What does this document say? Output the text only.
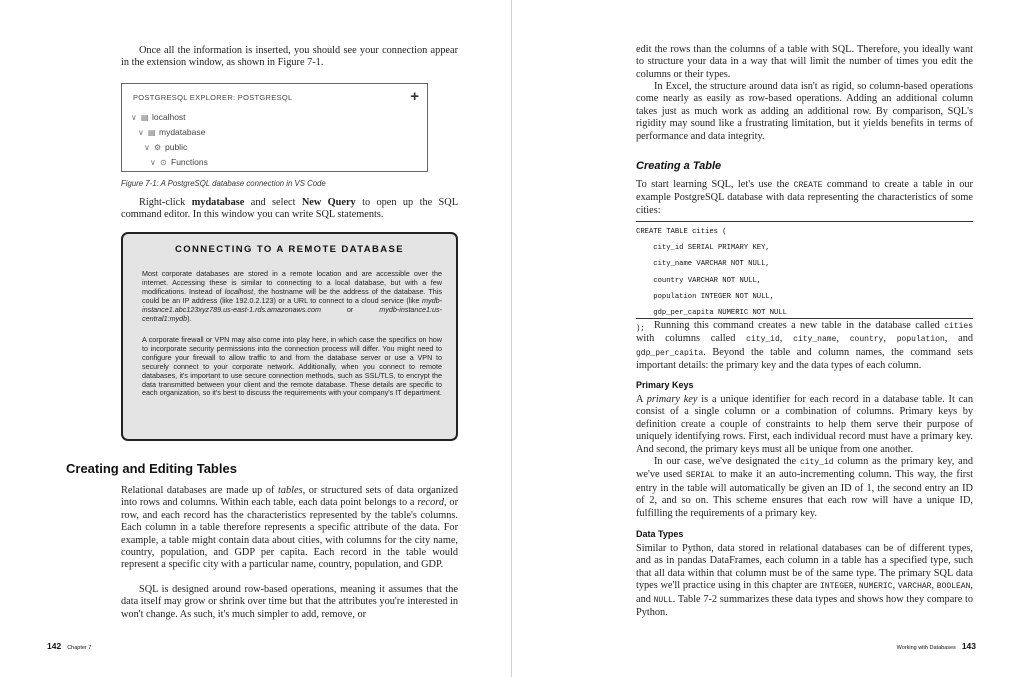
Once all the information is inserted, you should see your connection appear in the extension window, as shown in Figure 7-1.

POSTGRESQL EXPLORER: POSTGRESQL	+
∨ ▤ localhost
∨ ▤ mydatabase
∨ ⚙ public
∨ ⊙ Functions
Figure 7-1: A PostgreSQL database connection in VS Code

Right-click mydatabase and select New Query to open up the SQL command editor. In this window you can write SQL statements.

CONNECTING TO A REMOTE DATABASE

Most corporate databases are stored in a remote location and are accessible over the internet. Accessing these is similar to connecting to a local database, but with a few modifications. Instead of localhost, the hostname will be the address of the database. This could be an IP address (like 192.0.2.123) or a URL to connect to a cloud service (like mydb-instance1.abc123xyz789.us-east-1.rds.amazonaws.com or mydb-instance1:us-central1:mydb).

A corporate firewall or VPN may also come into play here, in which case the specifics on how to incorporate security permissions into the connection process will differ. You might need to configure your firewall to allow traffic to and from the database server or use a VPN to securely connect to your corporate network. Additionally, when you connect to remote databases, it's important to use secure connection methods, such as SSL/TLS, to encrypt the data transmitted between your client and the remote database. These details are specific to each organization, so it's best to discuss the requirements with your company's IT department.

Creating and Editing Tables

Relational databases are made up of tables, or structured sets of data organized into rows and columns. Within each table, each data point belongs to a record, or row, and each record has the characteristics represented by the table's columns. Each column in a table therefore represents a specific attribute of the data. For example, a table might contain data about cities, with columns for the city name, country, population, and GDP per capita. Each record in the table would represent a specific city with a particular name, country, population, and GDP.

SQL is designed around row-based operations, meaning it assumes that the data itself may grow or shrink over time but that the attributes you're interested in won't change. As such, it's much simpler to add, remove, or

142 Chapter 7

edit the rows than the columns of a table with SQL. Therefore, you ideally want to structure your data in a way that will limit the number of times you edit the columns or their types.

In Excel, the structure around data isn't as rigid, so column-based operations come nearly as easily as row-based operations. Adding an additional column takes just as much work as adding an additional row. By comparison, SQL's rigidity may sound like a frustrating limitation, but it yields benefits in terms of performance and data integrity.

Creating a Table

To start learning SQL, let's use the CREATE command to create a table in our example PostgreSQL database with data representing the characteristics of some cities:

CREATE TABLE cities (
city_id SERIAL PRIMARY KEY,
city_name VARCHAR NOT NULL,
country VARCHAR NOT NULL,
population INTEGER NOT NULL,
gdp_per_capita NUMERIC NOT NULL
); Running this command creates a new table in the database called cities with columns called city_id, city_name, country, population, and gdp_per_capita. Beyond the table and column names, the command sets important details: the primary key and the data types of each column.

Primary Keys

A primary key is a unique identifier for each record in a database table. It can consist of a single column or a combination of columns. Primary keys by definition create a couple of constraints to help them serve their purpose of uniquely identifying rows. First, each individual record must have a primary key. And second, the primary keys must all be unique from one another.

In our case, we've designated the city_id column as the primary key, and we've used SERIAL to make it an auto-incrementing column. This way, the first entry in the table will automatically be given an ID of 1, the second entry an ID of 2, and so on. This scheme ensures that each row will have a unique ID, fulfilling the requirements of a primary key.

Data Types

Similar to Python, data stored in relational databases can be of different types, and as in pandas DataFrames, each column in a table has a specified type, such that all data within that column must be of the same type. The primary SQL data types we'll practice using in this chapter are INTEGER, NUMERIC, VARCHAR, BOOLEAN, and NULL. Table 7-2 summarizes these data types and shows how they compare to Python.

Working with Databases 143
